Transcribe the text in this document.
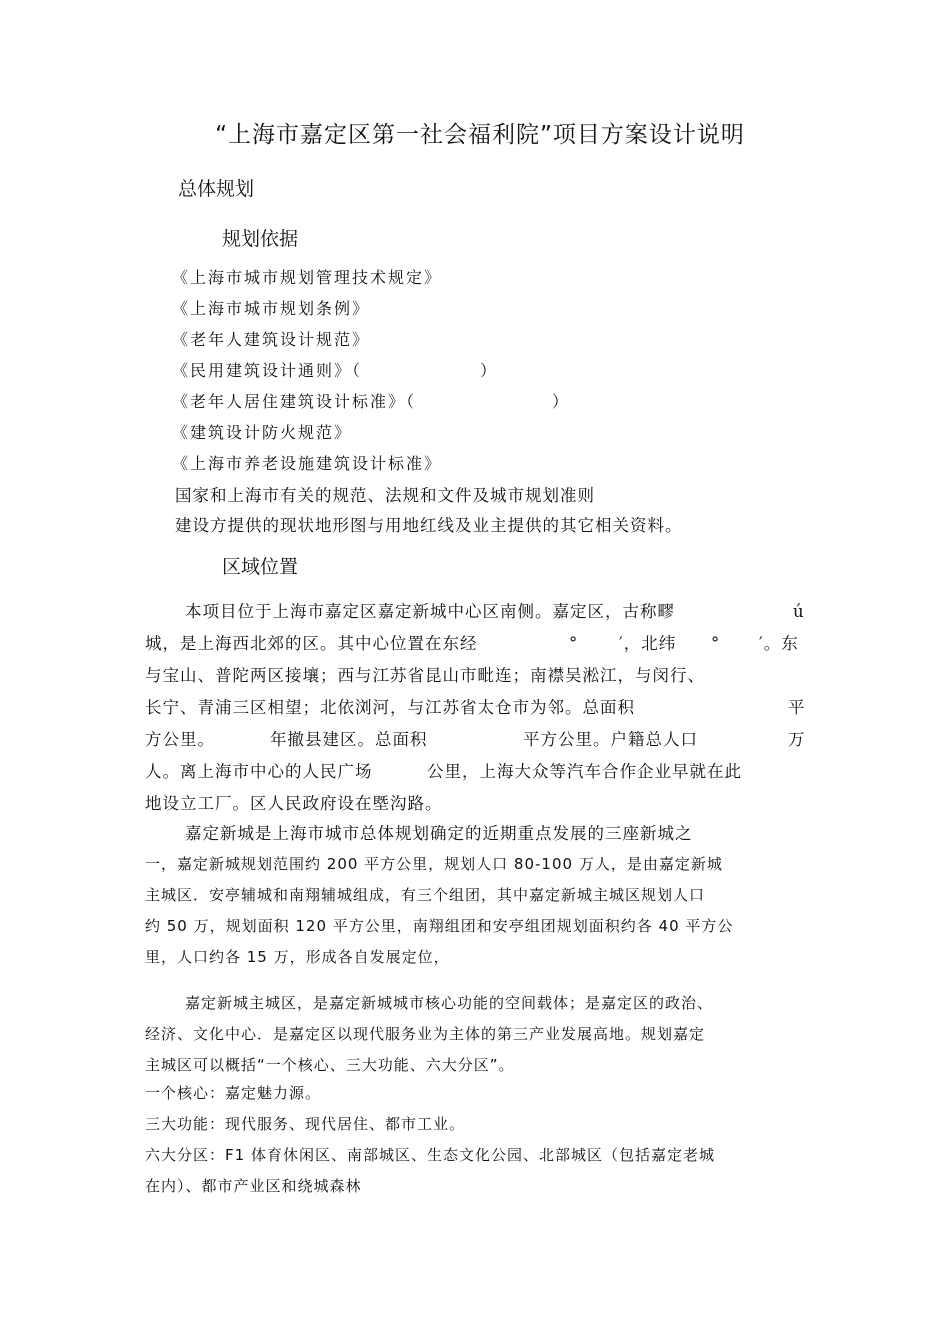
“上海市嘉定区第一社会福利院”项目方案设计说明
总体规划
规划依据
《上海市城市规划管理技术规定》
《上海市城市规划条例》
《老年人建筑设计规范》
《民用建筑设计通则》（	）
《老年人居住建筑设计标准》（	）
《建筑设计防火规范》
《上海市养老设施建筑设计标准》
国家和上海市有关的规范、法规和文件及城市规划准则
建设方提供的现状地形图与用地红线及业主提供的其它相关资料。
区域位置
本项目位于上海市嘉定区嘉定新城中心区南侧。嘉定区，古称疁	ú
城，是上海西北郊的区。其中心位置在东经	° ′，北纬 ° ′。东
与宝山、普陀两区接壤；西与江苏省昆山市毗连；南襟吴淞江，与闵行、
长宁、青浦三区相望；北依浏河，与江苏省太仓市为邻。总面积	平
方公里。	年撤县建区。总面积	平方公里。户籍总人口	万
人。离上海市中心的人民广场	公里，上海大众等汽车合作企业早就在此
地设立工厂。区人民政府设在塈沟路。
嘉定新城是上海市城市总体规划确定的近期重点发展的三座新城之
一，嘉定新城规划范围约 200 平方公里，规划人口 80-100 万人，是由嘉定新城
主城区．安亭辅城和南翔辅城组成，有三个组团，其中嘉定新城主城区规划人口
约 50 万，规划面积 120 平方公里，南翔组团和安亭组团规划面积约各 40 平方公
里，人口约各 15 万，形成各自发展定位，
嘉定新城主城区，是嘉定新城城市核心功能的空间载体；是嘉定区的政治、
经济、文化中心．是嘉定区以现代服务业为主体的第三产业发展高地。规划嘉定
主城区可以概括“一个核心、三大功能、六大分区”。
一个核心：嘉定魅力源。
三大功能：现代服务、现代居住、都市工业。
六大分区：F1 体育休闲区、南部城区、生态文化公园、北部城区（包括嘉定老城
在内）、都市产业区和绕城森林
